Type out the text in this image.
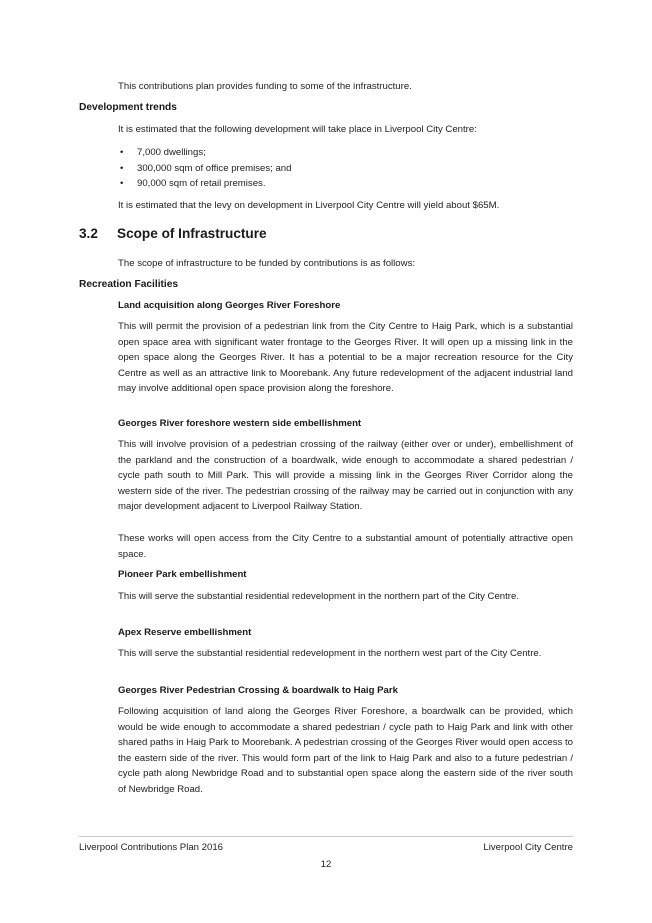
This contributions plan provides funding to some of the infrastructure.

Development trends

It is estimated that the following development will take place in Liverpool City Centre:

• 7,000 dwellings;
• 300,000 sqm of office premises; and
• 90,000 sqm of retail premises.

It is estimated that the levy on development in Liverpool City Centre will yield about $65M.

3.2 Scope of Infrastructure

The scope of infrastructure to be funded by contributions is as follows:

Recreation Facilities

Land acquisition along Georges River Foreshore

This will permit the provision of a pedestrian link from the City Centre to Haig Park, which is a substantial open space area with significant water frontage to the Georges River. It will open up a missing link in the open space along the Georges River. It has a potential to be a major recreation resource for the City Centre as well as an attractive link to Moorebank. Any future redevelopment of the adjacent industrial land may involve additional open space provision along the foreshore.

Georges River foreshore western side embellishment

This will involve provision of a pedestrian crossing of the railway (either over or under), embellishment of the parkland and the construction of a boardwalk, wide enough to accommodate a shared pedestrian / cycle path south to Mill Park. This will provide a missing link in the Georges River Corridor along the western side of the river. The pedestrian crossing of the railway may be carried out in conjunction with any major development adjacent to Liverpool Railway Station.

These works will open access from the City Centre to a substantial amount of potentially attractive open space.

Pioneer Park embellishment

This will serve the substantial residential redevelopment in the northern part of the City Centre.

Apex Reserve embellishment

This will serve the substantial residential redevelopment in the northern west part of the City Centre.

Georges River Pedestrian Crossing & boardwalk to Haig Park

Following acquisition of land along the Georges River Foreshore, a boardwalk can be provided, which would be wide enough to accommodate a shared pedestrian / cycle path to Haig Park and link with other shared paths in Haig Park to Moorebank. A pedestrian crossing of the Georges River would open access to the eastern side of the river. This would form part of the link to Haig Park and also to a future pedestrian / cycle path along Newbridge Road and to substantial open space along the eastern side of the river south of Newbridge Road.

Liverpool Contributions Plan 2016	Liverpool City Centre
12
